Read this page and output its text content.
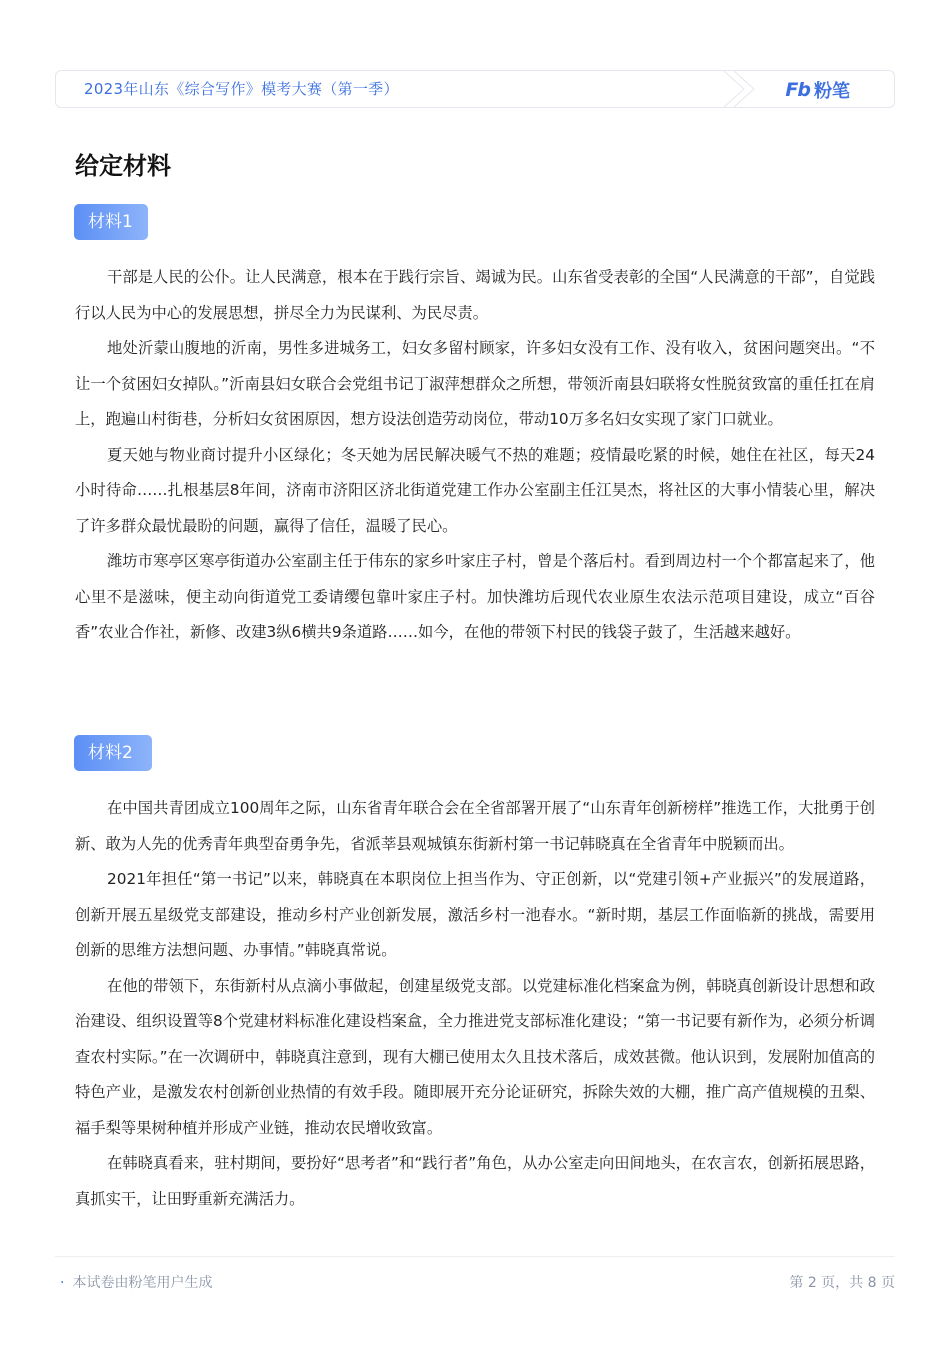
2023年山东《综合写作》模考大赛（第一季）	Fb 粉笔
给定材料
材料1

干部是人民的公仆。让人民满意，根本在于践行宗旨、竭诚为民。山东省受表彰的全国“人民满意的干部”，自觉践行以人民为中心的发展思想，拼尽全力为民谋利、为民尽责。

地处沂蒙山腹地的沂南，男性多进城务工，妇女多留村顾家，许多妇女没有工作、没有收入，贫困问题突出。“不让一个贫困妇女掉队。”沂南县妇女联合会党组书记丁淑萍想群众之所想，带领沂南县妇联将女性脱贫致富的重任扛在肩上，跑遍山村街巷，分析妇女贫困原因，想方设法创造劳动岗位，带动10万多名妇女实现了家门口就业。

夏天她与物业商讨提升小区绿化；冬天她为居民解决暖气不热的难题；疫情最吃紧的时候，她住在社区，每天24小时待命……扎根基层8年间，济南市济阳区济北街道党建工作办公室副主任江昊杰，将社区的大事小情装心里，解决了许多群众最忧最盼的问题，赢得了信任，温暖了民心。

潍坊市寒亭区寒亭街道办公室副主任于伟东的家乡叶家庄子村，曾是个落后村。看到周边村一个个都富起来了，他心里不是滋味，便主动向街道党工委请缨包靠叶家庄子村。加快潍坊后现代农业原生农法示范项目建设，成立“百谷香”农业合作社，新修、改建3纵6横共9条道路……如今，在他的带领下村民的钱袋子鼓了，生活越来越好。

材料2

在中国共青团成立100周年之际，山东省青年联合会在全省部署开展了“山东青年创新榜样”推选工作，大批勇于创新、敢为人先的优秀青年典型奋勇争先，省派莘县观城镇东街新村第一书记韩晓真在全省青年中脱颖而出。

2021年担任“第一书记”以来，韩晓真在本职岗位上担当作为、守正创新，以“党建引领+产业振兴”的发展道路，创新开展五星级党支部建设，推动乡村产业创新发展，激活乡村一池春水。“新时期，基层工作面临新的挑战，需要用创新的思维方法想问题、办事情。”韩晓真常说。

在他的带领下，东街新村从点滴小事做起，创建星级党支部。以党建标准化档案盒为例，韩晓真创新设计思想和政治建设、组织设置等8个党建材料标准化建设档案盒，全力推进党支部标准化建设；“第一书记要有新作为，必须分析调查农村实际。”在一次调研中，韩晓真注意到，现有大棚已使用太久且技术落后，成效甚微。他认识到，发展附加值高的特色产业，是激发农村创新创业热情的有效手段。随即展开充分论证研究，拆除失效的大棚，推广高产值规模的丑梨、福手梨等果树种植并形成产业链，推动农民增收致富。

在韩晓真看来，驻村期间，要扮好“思考者”和“践行者”角色，从办公室走向田间地头，在农言农，创新拓展思路，真抓实干，让田野重新充满活力。

· 本试卷由粉笔用户生成	第 2 页，共 8 页
